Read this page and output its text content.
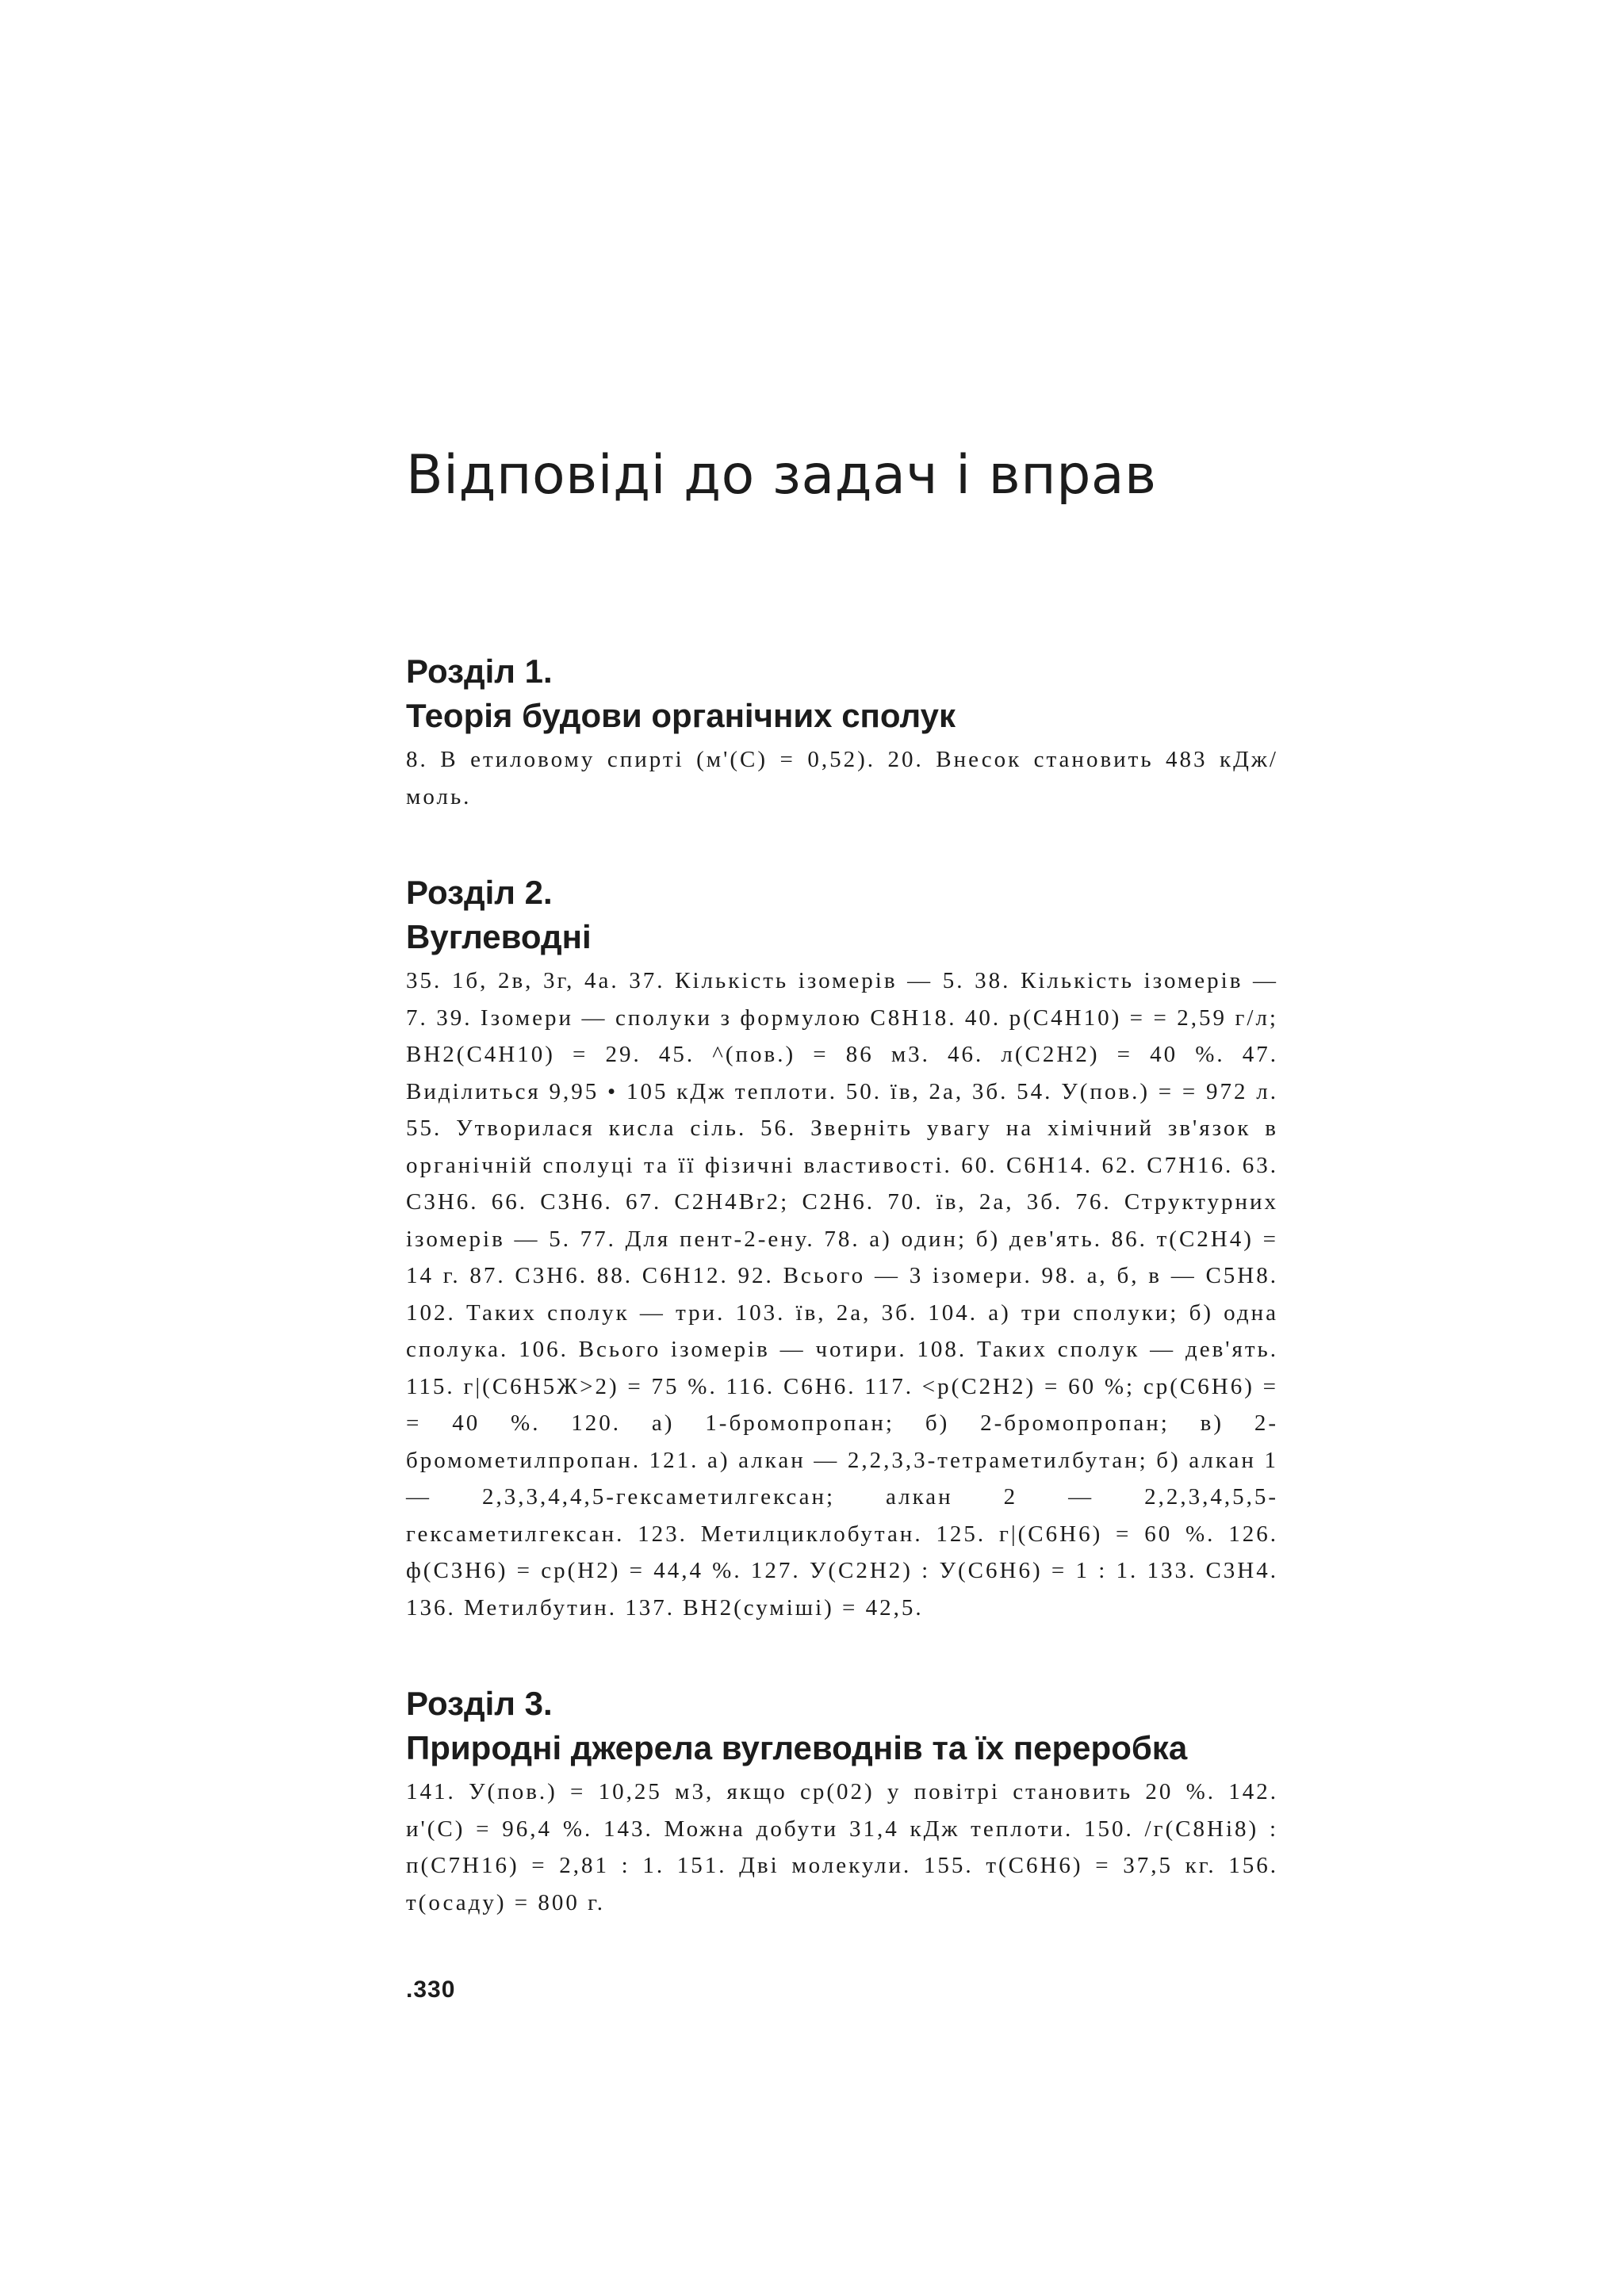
Відповіді до задач і вправ

Розділ 1.

Теорія будови органічних сполук

8. В етиловому спирті (м'(С) = 0,52). 20. Внесок становить 483 кДж/моль.

Розділ 2.

Вуглеводні

35. 1б, 2в, 3г, 4а. 37. Кількість ізомерів — 5. 38. Кількість ізомерів — 7. 39. Ізомери — сполуки з формулою C8H18. 40. р(C4H10) = = 2,59 г/л; BH2(C4H10) = 29. 45. ^(пов.) = 86 м3. 46. л(C2H2) = 40 %. 47. Виділиться 9,95 • 105 кДж теплоти. 50. їв, 2а, 3б. 54. У(пов.) = = 972 л. 55. Утворилася кисла сіль. 56. Зверніть увагу на хімічний зв'язок в органічній сполуці та її фізичні властивості. 60. C6H14. 62. C7H16. 63. C3H6. 66. C3H6. 67. C2H4Br2; C2H6. 70. їв, 2а, 3б. 76. Структурних ізомерів — 5. 77. Для пент-2-ену. 78. а) один; б) дев'ять. 86. т(C2H4) = 14 г. 87. C3H6. 88. C6H12. 92. Всього — 3 ізомери. 98. а, б, в — C5H8. 102. Таких сполук — три. 103. їв, 2а, 3б. 104. а) три сполуки; б) одна сполука. 106. Всього ізомерів — чотири. 108. Таких сполук — дев'ять. 115. г|(C6H5Ж>2) = 75 %. 116. C6H6. 117. <р(C2H2) = 60 %; ср(C6H6) = = 40 %. 120. а) 1-бромопропан; б) 2-бромопропан; в) 2-бромометилпропан. 121. а) алкан — 2,2,3,3-тетраметилбутан; б) алкан 1 — 2,3,3,4,4,5-гексаметилгексан; алкан 2 — 2,2,3,4,5,5-гексаметилгексан. 123. Метилциклобутан. 125. г|(C6H6) = 60 %. 126. ф(C3H6) = ср(H2) = 44,4 %. 127. У(C2H2) : У(C6H6) = 1 : 1. 133. C3H4. 136. Метилбутин. 137. BH2(суміші) = 42,5.

Розділ 3.

Природні джерела вуглеводнів та їх переробка

141. У(пов.) = 10,25 м3, якщо ср(02) у повітрі становить 20 %. 142. и'(С) = 96,4 %. 143. Можна добути 31,4 кДж теплоти. 150. /г(C8Hi8) : п(C7H16) = 2,81 : 1. 151. Дві молекули. 155. т(C6H6) = 37,5 кг. 156. т(осаду) = 800 г.

.330
